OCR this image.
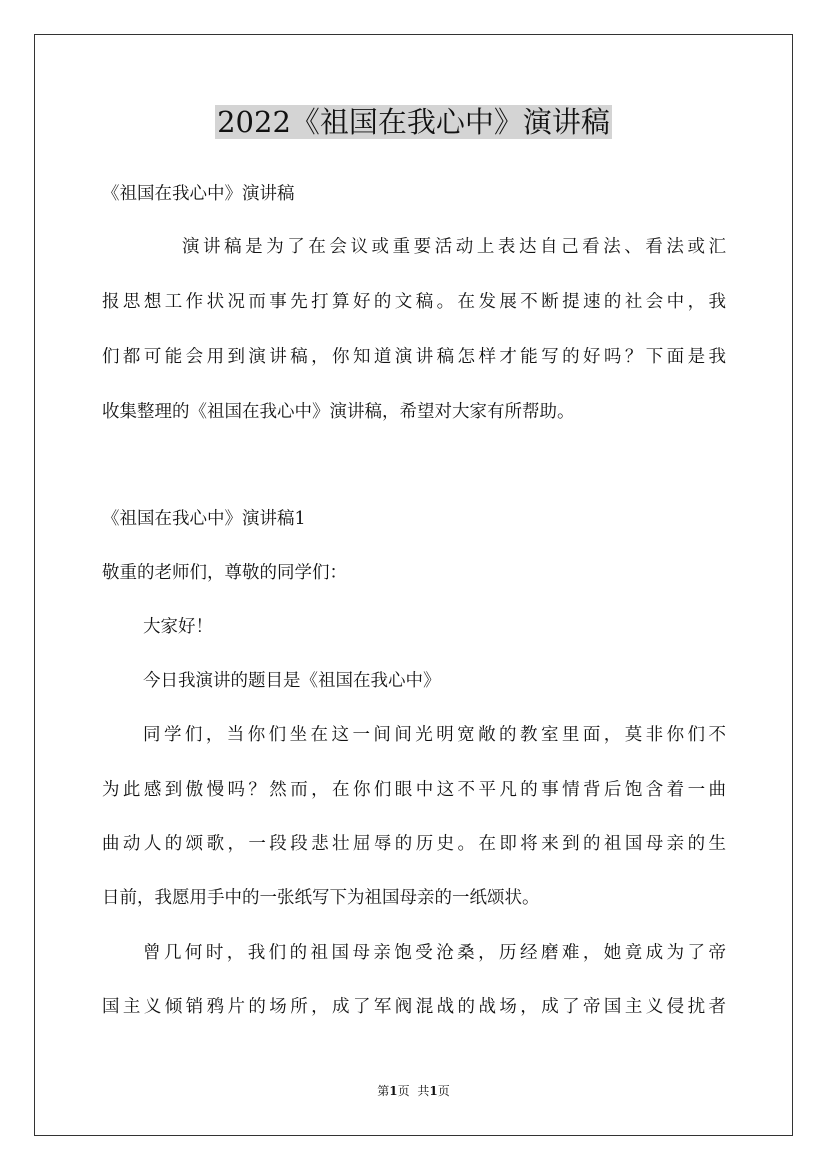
2022《祖国在我心中》演讲稿
《祖国在我心中》演讲稿
演讲稿是为了在会议或重要活动上表达自己看法、看法或汇
报思想工作状况而事先打算好的文稿。在发展不断提速的社会中，我
们都可能会用到演讲稿，你知道演讲稿怎样才能写的好吗？下面是我
收集整理的《祖国在我心中》演讲稿，希望对大家有所帮助。
《祖国在我心中》演讲稿1
敬重的老师们，尊敬的同学们：
大家好！
今日我演讲的题目是《祖国在我心中》
同学们，当你们坐在这一间间光明宽敞的教室里面，莫非你们不
为此感到傲慢吗？然而，在你们眼中这不平凡的事情背后饱含着一曲
曲动人的颂歌，一段段悲壮屈辱的历史。在即将来到的祖国母亲的生
日前，我愿用手中的一张纸写下为祖国母亲的一纸颂状。
曾几何时，我们的祖国母亲饱受沧桑，历经磨难，她竟成为了帝
国主义倾销鸦片的场所，成了军阀混战的战场，成了帝国主义侵扰者
第1页 共1页
